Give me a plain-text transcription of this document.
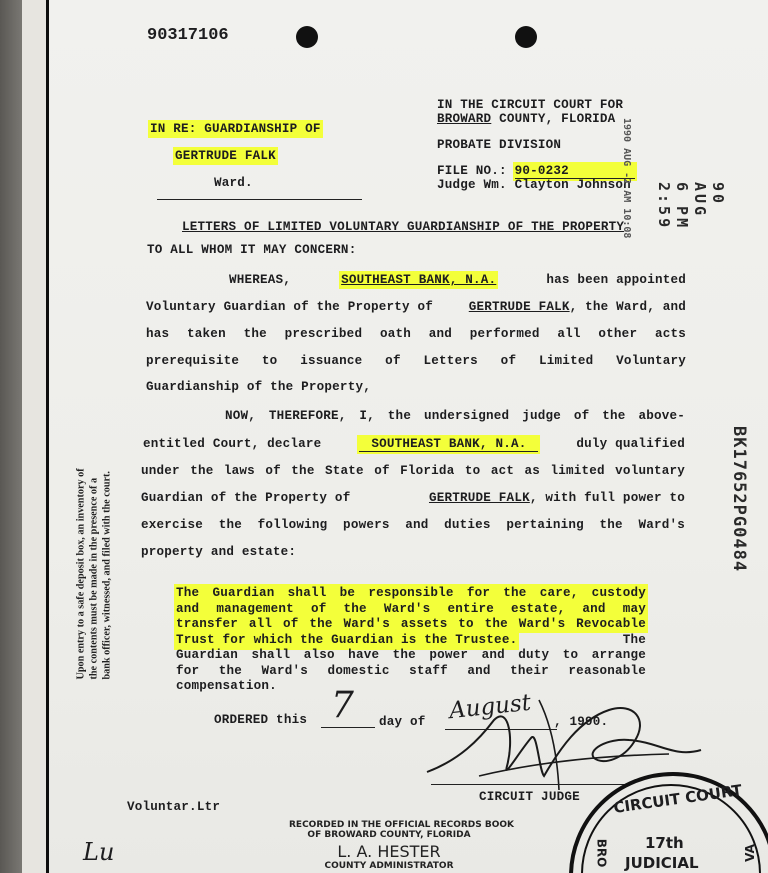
90317106
IN THE CIRCUIT COURT FOR
BROWARD COUNTY, FLORIDA
PROBATE DIVISION
FILE NO.: 90-0232
Judge Wm. Clayton Johnson
IN RE: GUARDIANSHIP OF
GERTRUDE FALK
Ward.
LETTERS OF LIMITED VOLUNTARY GUARDIANSHIP OF THE PROPERTY
TO ALL WHOM IT MAY CONCERN:
WHEREAS,	SOUTHEAST BANK, N.A.	has been appointed
Voluntary Guardian of the Property of	GERTRUDE FALK, the Ward, and
has taken the prescribed oath and performed all other acts
prerequisite to issuance of Letters of Limited Voluntary
Guardianship of the Property,
NOW, THEREFORE, I, the undersigned judge of the above-
entitled Court, declare	SOUTHEAST BANK, N.A.	duly qualified
under the laws of the State of Florida to act as limited voluntary
Guardian of the Property of	GERTRUDE FALK, with full power to
exercise the following powers and duties pertaining the Ward's
property and estate:
The Guardian shall be responsible for the care, custody
and management of the Ward's entire estate, and may
transfer all of the Ward's assets to the Ward's Revocable
Trust for which the Guardian is the Trustee.	The
Guardian shall also have the power and duty to arrange
for the Ward's domestic staff and their reasonable
compensation.
ORDERED this 7 day of August , 1990.
CIRCUIT JUDGE
Voluntar.Ltr
Lu
RECORDED IN THE OFFICIAL RECORDS BOOK
OF BROWARD COUNTY, FLORIDA
L. A. HESTER
COUNTY ADMINISTRATOR
Upon entry to a safe deposit box, an inventory of the contents must be made in the presence of a bank officer, witnessed, and filed with the court.
1990 AUG -2 AM 10:08	90 AUG 6 PM 2:59
BK17652PG0484
CIRCUIT COURT
17th
JUDICIAL
BRO	VA
